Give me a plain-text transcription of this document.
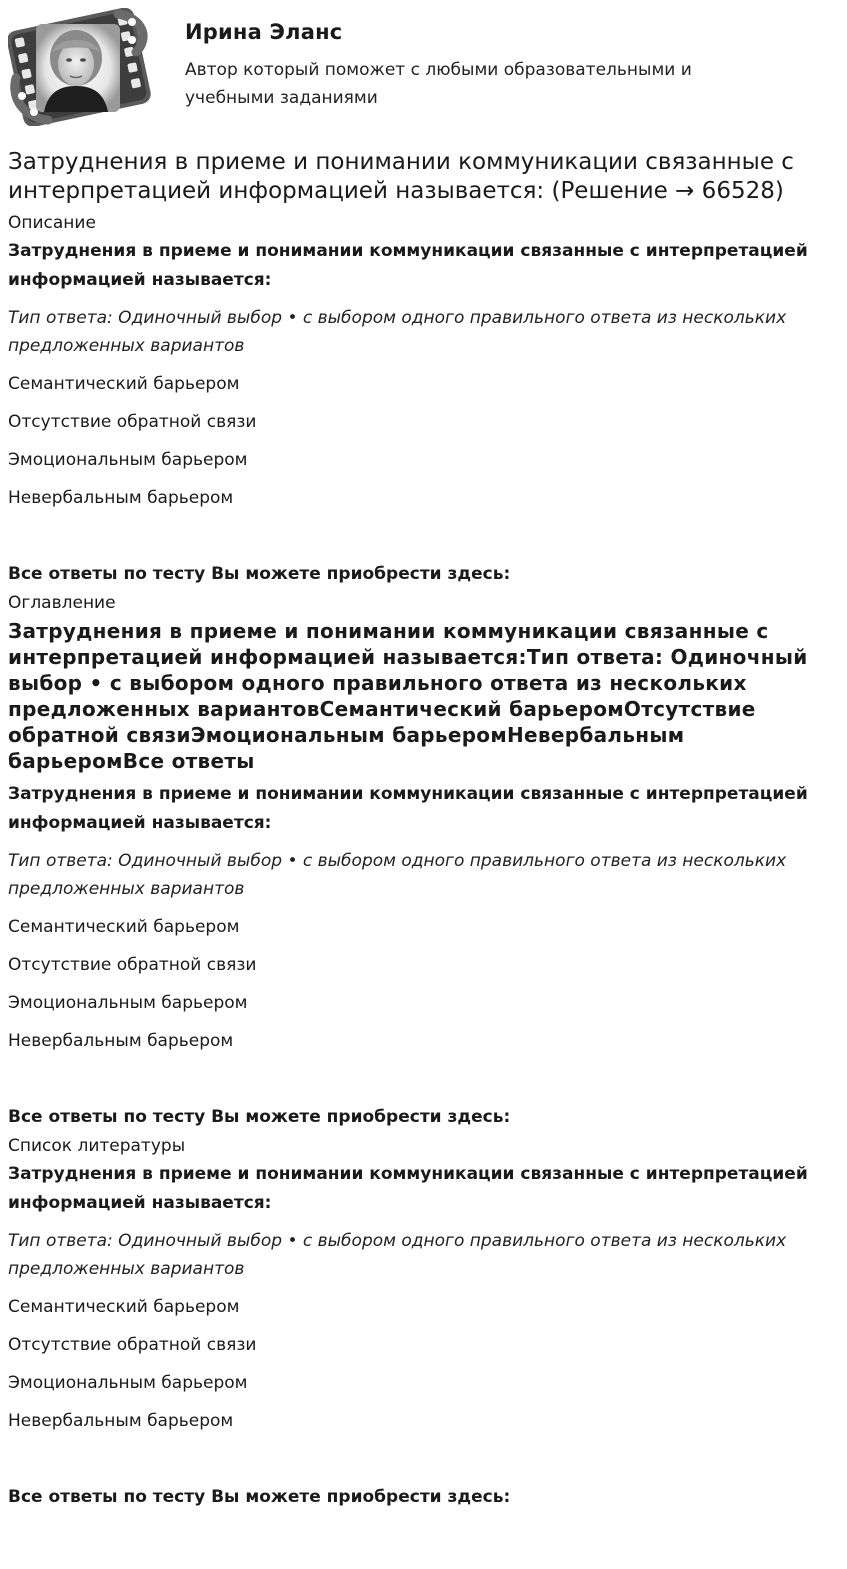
Ирина Эланс
Автор который поможет с любыми образовательными и учебными заданиями
Затруднения в приеме и понимании коммуникации связанные с интерпретацией информацией называется: (Решение → 66528)
Описание
Затруднения в приеме и понимании коммуникации связанные с интерпретацией информацией называется:
Тип ответа: Одиночный выбор • с выбором одного правильного ответа из нескольких предложенных вариантов
Семантический барьером
Отсутствие обратной связи
Эмоциональным барьером
Невербальным барьером
Все ответы по тесту Вы можете приобрести здесь:
Оглавление
Затруднения в приеме и понимании коммуникации связанные с интерпретацией информацией называется:Тип ответа: Одиночный выбор • с выбором одного правильного ответа из нескольких предложенных вариантовСемантический барьеромОтсутствие обратной связиЭмоциональным барьеромНевербальным барьеромВсе ответы
Затруднения в приеме и понимании коммуникации связанные с интерпретацией информацией называется:
Тип ответа: Одиночный выбор • с выбором одного правильного ответа из нескольких предложенных вариантов
Семантический барьером
Отсутствие обратной связи
Эмоциональным барьером
Невербальным барьером
Все ответы по тесту Вы можете приобрести здесь:
Список литературы
Затруднения в приеме и понимании коммуникации связанные с интерпретацией информацией называется:
Тип ответа: Одиночный выбор • с выбором одного правильного ответа из нескольких предложенных вариантов
Семантический барьером
Отсутствие обратной связи
Эмоциональным барьером
Невербальным барьером
Все ответы по тесту Вы можете приобрести здесь:
